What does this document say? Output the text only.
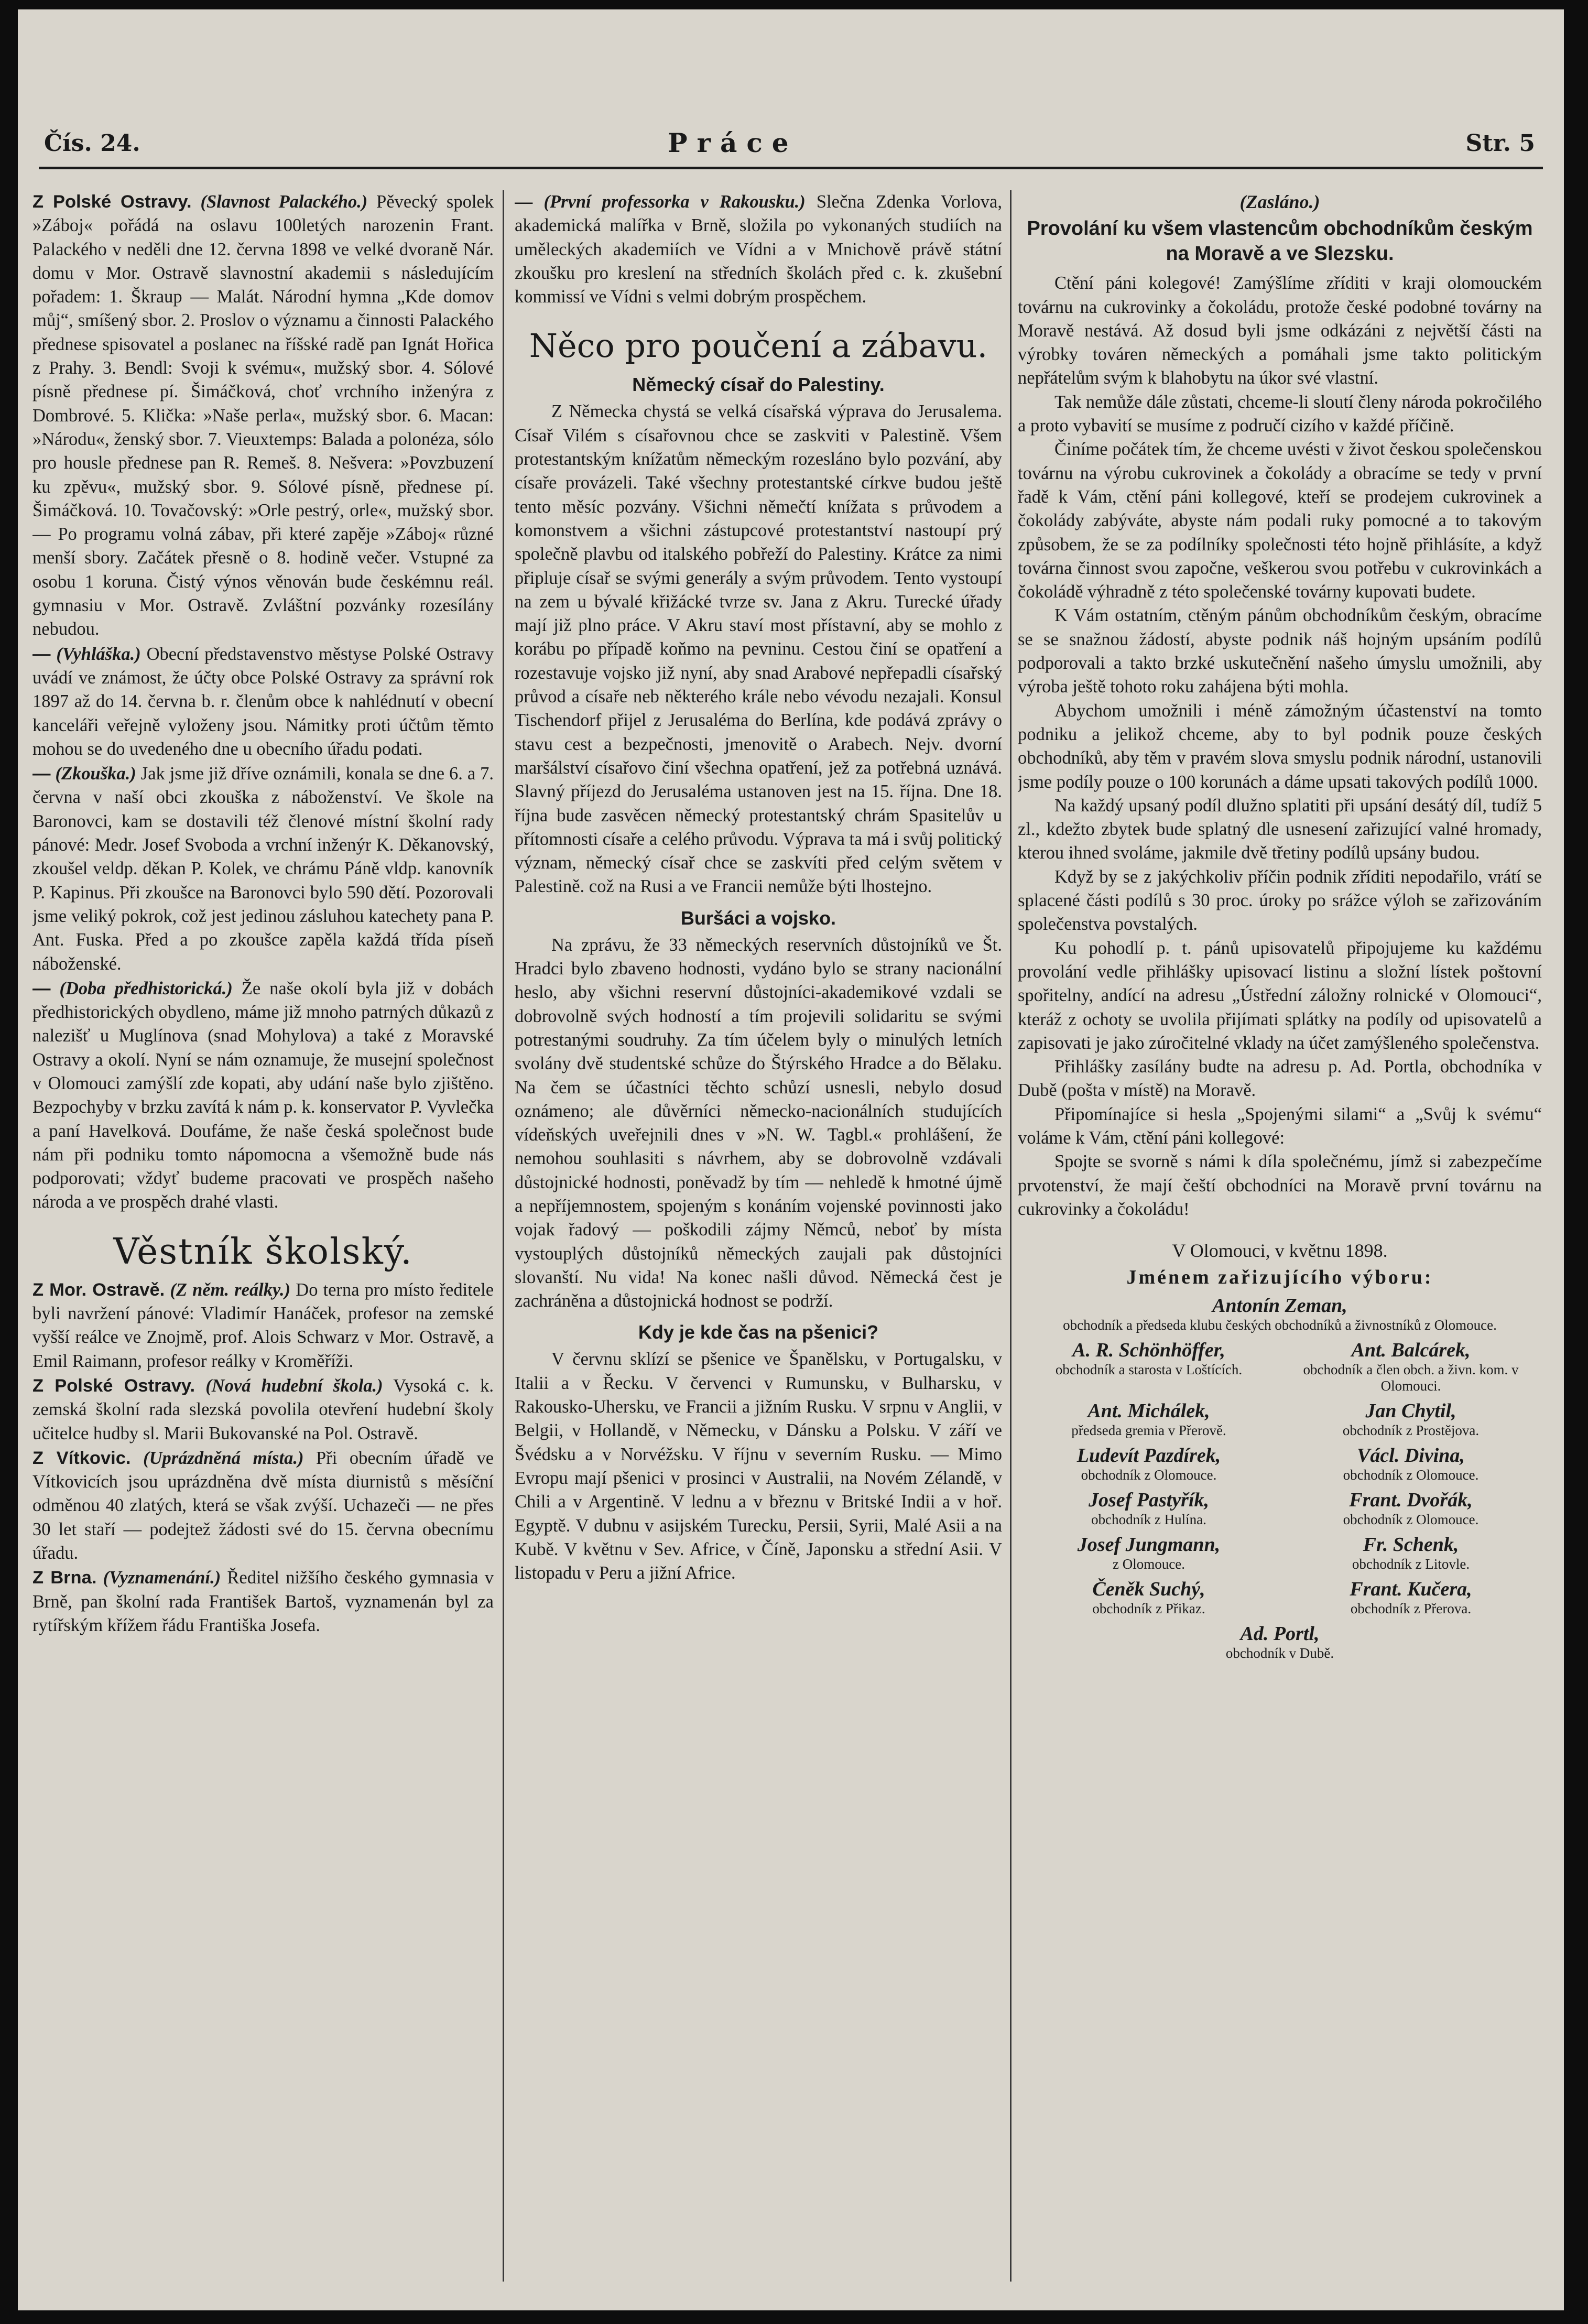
Čís. 24.	Práce	Str. 5
Z Polské Ostravy. (Slavnost Palackého.) Pěvecký spolek »Záboj« pořádá na oslavu 100letých narozenin Frant. Palackého v neděli dne 12. června 1898 ve velké dvoraně Nár. domu v Mor. Ostravě slavnostní akademii s následujícím pořadem: 1. Škraup — Malát. Národní hymna „Kde domov můj“, smíšený sbor. 2. Proslov o významu a činnosti Palackého přednese spisovatel a poslanec na říšské radě pan Ignát Hořica z Prahy. 3. Bendl: Svoji k svému«, mužský sbor. 4. Sólové písně přednese pí. Šimáčková, choť vrchního inženýra z Dombrové. 5. Klička: »Naše perla«, mužský sbor. 6. Macan: »Národu«, ženský sbor. 7. Vieuxtemps: Balada a polonéza, sólo pro housle přednese pan R. Remeš. 8. Nešvera: »Povzbuzení ku zpěvu«, mužský sbor. 9. Sólové písně, přednese pí. Šimáčková. 10. Tovačovský: »Orle pestrý, orle«, mužský sbor. — Po programu volná zábav, při které zapěje »Záboj« různé menší sbory. Začátek přesně o 8. hodině večer. Vstupné za osobu 1 koruna. Čistý výnos věnován bude českémnu reál. gymnasiu v Mor. Ostravě. Zvláštní pozvánky rozesílány nebudou.
— (Vyhláška.) Obecní představenstvo městyse Polské Ostravy uvádí ve známost, že účty obce Polské Ostravy za správní rok 1897 až do 14. června b. r. členům obce k nahlédnutí v obecní kanceláři veřejně vyloženy jsou. Námitky proti účtům těmto mohou se do uvedeného dne u obecního úřadu podati.
— (Zkouška.) Jak jsme již dříve oznámili, konala se dne 6. a 7. června v naší obci zkouška z náboženství. Ve škole na Baronovci, kam se dostavili též členové místní školní rady pánové: Medr. Josef Svoboda a vrchní inženýr K. Děkanovský, zkoušel veldp. děkan P. Kolek, ve chrámu Páně vldp. kanovník P. Kapinus. Při zkoušce na Baronovci bylo 590 dětí. Pozorovali jsme veliký pokrok, což jest jedinou zásluhou katechety pana P. Ant. Fuska. Před a po zkoušce zapěla každá třída píseň náboženské.
— (Doba předhistorická.) Že naše okolí byla již v dobách předhistorických obydleno, máme již mnoho patrných důkazů z nalezišť u Muglínova (snad Mohylova) a také z Moravské Ostravy a okolí. Nyní se nám oznamuje, že musejní společnost v Olomouci zamýšlí zde kopati, aby udání naše bylo zjištěno. Bezpochyby v brzku zavítá k nám p. k. konservator P. Vyvlečka a paní Havelková. Doufáme, že naše česká společnost bude nám při podniku tomto nápomocna a všemožně bude nás podporovati; vždyť budeme pracovati ve prospěch našeho národa a ve prospěch drahé vlasti.
Věstník školský.
Z Mor. Ostravě. (Z něm. reálky.) Do terna pro místo ředitele byli navržení pánové: Vladimír Hanáček, profesor na zemské vyšší reálce ve Znojmě, prof. Alois Schwarz v Mor. Ostravě, a Emil Raimann, profesor reálky v Kroměříži.
Z Polské Ostravy. (Nová hudební škola.) Vysoká c. k. zemská školní rada slezská povolila otevření hudební školy učitelce hudby sl. Marii Bukovanské na Pol. Ostravě.
Z Vítkovic. (Uprázdněná místa.) Při obecním úřadě ve Vítkovicích jsou uprázdněna dvě místa diurnistů s měsíční odměnou 40 zlatých, která se však zvýší. Uchazeči — ne přes 30 let staří — podejtež žádosti své do 15. června obecnímu úřadu.
Z Brna. (Vyznamenání.) Ředitel nižšího českého gymnasia v Brně, pan školní rada František Bartoš, vyznamenán byl za rytířským křížem řádu Františka Josefa.
— (První professorka v Rakousku.) Slečna Zdenka Vorlova, akademická malířka v Brně, složila po vykonaných studiích na uměleckých akademiích ve Vídni a v Mnichově právě státní zkoušku pro kreslení na středních školách před c. k. zkušební kommissí ve Vídni s velmi dobrým prospěchem.
Něco pro poučení a zábavu.
Německý císař do Palestiny.

Z Německa chystá se velká císařská výprava do Jerusalema. Císař Vilém s císařovnou chce se zaskviti v Palestině. Všem protestantským knížatům německým rozesláno bylo pozvání, aby císaře provázeli. Také všechny protestantské církve budou ještě tento měsíc pozvány. Všichni němečtí knížata s průvodem a komonstvem a všichni zástupcové protestantství nastoupí prý společně plavbu od italského pobřeží do Palestiny. Krátce za nimi připluje císař se svými generály a svým průvodem. Tento vystoupí na zem u bývalé křižácké tvrze sv. Jana z Akru. Turecké úřady mají již plno práce. V Akru staví most přístavní, aby se mohlo z korábu po případě koňmo na pevninu. Cestou činí se opatření a rozestavuje vojsko již nyní, aby snad Arabové nepřepadli císařský průvod a císaře neb některého krále nebo vévodu nezajali. Konsul Tischendorf přijel z Jerusaléma do Berlína, kde podává zprávy o stavu cest a bezpečnosti, jmenovitě o Arabech. Nejv. dvorní maršálství císařovo činí všechna opatření, jež za potřebná uznává. Slavný příjezd do Jerusaléma ustanoven jest na 15. října. Dne 18. října bude zasvěcen německý protestantský chrám Spasitelův u přítomnosti císaře a celého průvodu. Výprava ta má i svůj politický význam, německý císař chce se zaskvíti před celým světem v Palestině. což na Rusi a ve Francii nemůže býti lhostejno.

Buršáci a vojsko.

Na zprávu, že 33 německých reservních důstojníků ve Št. Hradci bylo zbaveno hodnosti, vydáno bylo se strany nacionální heslo, aby všichni reservní důstojníci-akademikové vzdali se dobrovolně svých hodností a tím projevili solidaritu se svými potrestanými soudruhy. Za tím účelem byly o minulých letních svolány dvě studentské schůze do Štýrského Hradce a do Bělaku. Na čem se účastníci těchto schůzí usnesli, nebylo dosud oznámeno; ale důvěrníci německo-nacionálních studujících vídeňských uveřejnili dnes v »N. W. Tagbl.« prohlášení, že nemohou souhlasiti s návrhem, aby se dobrovolně vzdávali důstojnické hodnosti, poněvadž by tím — nehledě k hmotné újmě a nepříjemnostem, spojeným s konáním vojenské povinnosti jako vojak řadový — poškodili zájmy Němců, neboť by místa vystouplých důstojníků německých zaujali pak důstojníci slovanští. Nu vida! Na konec našli důvod. Německá čest je zachráněna a důstojnická hodnost se podrží.

Kdy je kde čas na pšenici?

V červnu sklízí se pšenice ve Španělsku, v Portugalsku, v Italii a v Řecku. V červenci v Rumunsku, v Bulharsku, v Rakousko-Uhersku, ve Francii a jižním Rusku. V srpnu v Anglii, v Belgii, v Hollandě, v Německu, v Dánsku a Polsku. V září ve Švédsku a v Norvéžsku. V říjnu v severním Rusku. — Mimo Evropu mají pšenici v prosinci v Australii, na Novém Zélandě, v Chili a v Argentině. V lednu a v březnu v Britské Indii a v hoř. Egyptě. V dubnu v asijském Turecku, Persii, Syrii, Malé Asii a na Kubě. V květnu v Sev. Africe, v Číně, Japonsku a střední Asii. V listopadu v Peru a jižní Africe.

(Zasláno.)
Provolání ku všem vlastencům obchodníkům českým na Moravě a ve Slezsku.

Ctění páni kolegové! Zamýšlíme zříditi v kraji olomouckém továrnu na cukrovinky a čokoládu, protože české podobné továrny na Moravě nestává. Až dosud byli jsme odkázáni z největší části na výrobky továren německých a pomáhali jsme takto politickým nepřátelům svým k blahobytu na úkor své vlastní.

Tak nemůže dále zůstati, chceme-li sloutí členy národa pokročilého a proto vybavití se musíme z područí cizího v každé příčině.

Činíme počátek tím, že chceme uvésti v život českou společenskou továrnu na výrobu cukrovinek a čokolády a obracíme se tedy v první řadě k Vám, ctění páni kollegové, kteří se prodejem cukrovinek a čokolády zabýváte, abyste nám podali ruky pomocné a to takovým způsobem, že se za podílníky společnosti této hojně přihlásíte, a když továrna činnost svou započne, veškerou svou potřebu v cukrovinkách a čokoládě výhradně z této společenské továrny kupovati budete.

K Vám ostatním, ctěným pánům obchodníkům českým, obracíme se se snažnou žádostí, abyste podnik náš hojným upsáním podílů podporovali a takto brzké uskutečnění našeho úmyslu umožnili, aby výroba ještě tohoto roku zahájena býti mohla.

Abychom umožnili i méně zámožným účastenství na tomto podniku a jelikož chceme, aby to byl podnik pouze českých obchodníků, aby těm v pravém slova smyslu podnik národní, ustanovili jsme podíly pouze o 100 korunách a dáme upsati takových podílů 1000.

Na každý upsaný podíl dlužno splatiti při upsání desátý díl, tudíž 5 zl., kdežto zbytek bude splatný dle usnesení zařizující valné hromady, kterou ihned svoláme, jakmile dvě třetiny podílů upsány budou.

Když by se z jakýchkoliv příčin podnik zříditi nepodařilo, vrátí se splacené části podílů s 30 proc. úroky po srážce výloh se zařizováním společenstva povstalých.

Ku pohodlí p. t. pánů upisovatelů připojujeme ku každému provolání vedle přihlášky upisovací listinu a složní lístek poštovní spořitelny, andící na adresu „Ústřední záložny rolnické v Olomouci“, kteráž z ochoty se uvolila přijímati splátky na podíly od upisovatelů a zapisovati je jako zúročitelné vklady na účet zamýšleného společenstva.

Přihlášky zasílány budte na adresu p. Ad. Portla, obchodníka v Dubě (pošta v místě) na Moravě.

Připomínajíce si hesla „Spojenými silami“ a „Svůj k svému“ voláme k Vám, ctění páni kollegové:

Spojte se svorně s námi k díla společnému, jímž si zabezpečíme prvotenství, že mají čeští obchodníci na Moravě první továrnu na cukrovinky a čokoládu!

V Olomouci, v květnu 1898.
Jménem zařizujícího výboru:
Antonín Zeman,
obchodník a předseda klubu českých obchodníků a živnostníků z Olomouce.
A. R. Schönhöffer,
obchodník a starosta v Loštících.
Ant. Balcárek,
obchodník a člen obch. a živn. kom. v Olomouci.
Ant. Michálek,
předseda gremia v Přerově.
Jan Chytil,
obchodník z Prostějova.
Ludevít Pazdírek,
obchodník z Olomouce.
Václ. Divina,
obchodník z Olomouce.
Josef Pastyřík,
obchodník z Hulína.
Frant. Dvořák,
obchodník z Olomouce.
Josef Jungmann,
z Olomouce.
Fr. Schenk,
obchodník z Litovle.
Čeněk Suchý,
obchodník z Přikaz.
Frant. Kučera,
obchodník z Přerova.
Ad. Portl,
obchodník v Dubě.
